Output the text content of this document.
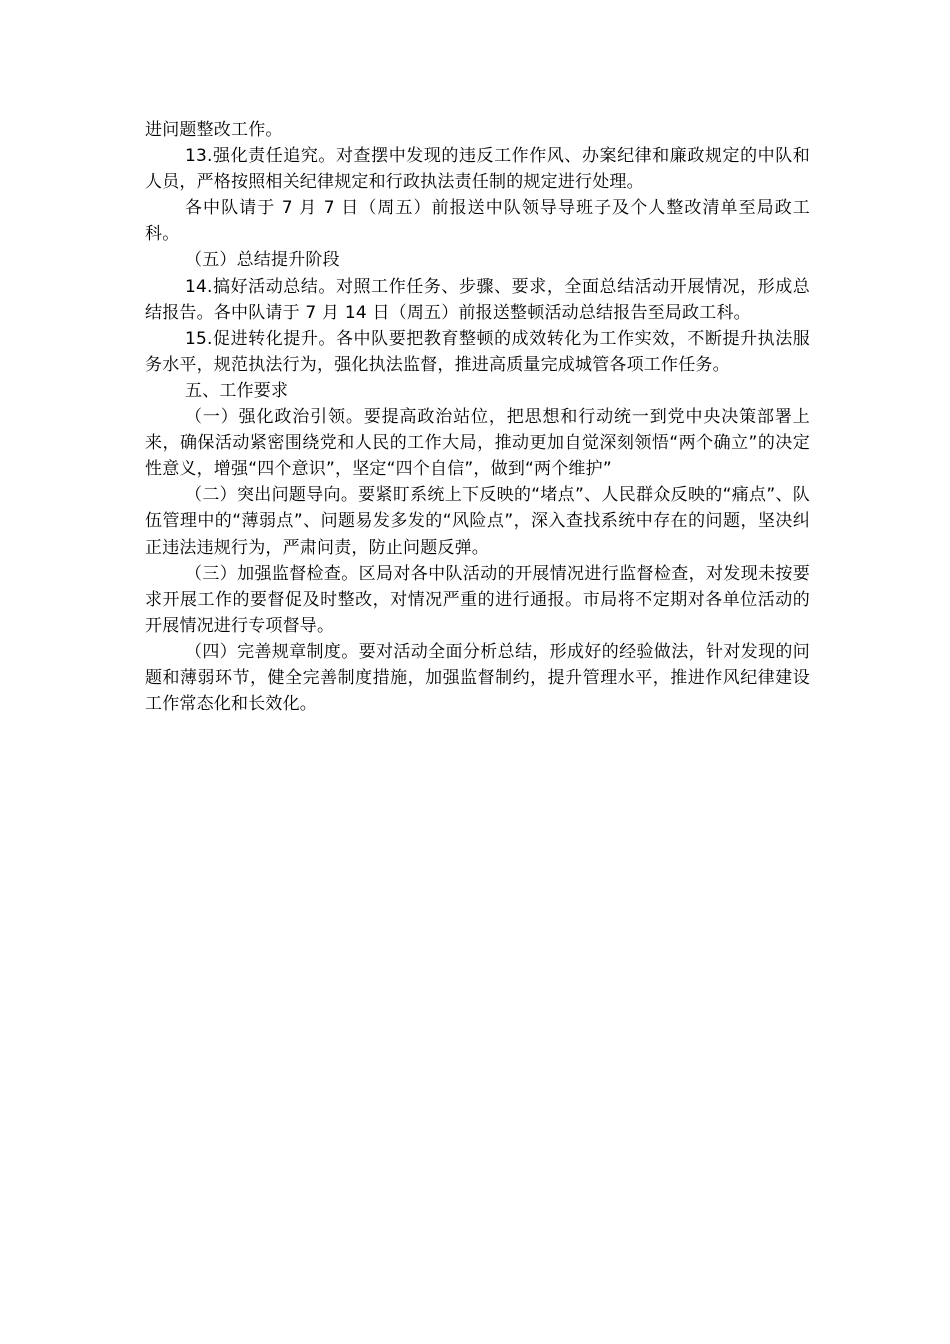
进问题整改工作。

13.强化责任追究。对查摆中发现的违反工作作风、办案纪律和廉政规定的中队和人员，严格按照相关纪律规定和行政执法责任制的规定进行处理。

各中队请于 7 月 7 日（周五）前报送中队领导导班子及个人整改清单至局政工科。

（五）总结提升阶段

14.搞好活动总结。对照工作任务、步骤、要求，全面总结活动开展情况，形成总结报告。各中队请于 7 月 14 日（周五）前报送整顿活动总结报告至局政工科。

15.促进转化提升。各中队要把教育整顿的成效转化为工作实效，不断提升执法服务水平，规范执法行为，强化执法监督，推进高质量完成城管各项工作任务。

五、工作要求

（一）强化政治引领。要提高政治站位，把思想和行动统一到党中央决策部署上来，确保活动紧密围绕党和人民的工作大局，推动更加自觉深刻领悟“两个确立”的决定性意义，增强“四个意识”，坚定“四个自信”，做到“两个维护”

（二）突出问题导向。要紧盯系统上下反映的“堵点”、人民群众反映的“痛点”、队伍管理中的“薄弱点”、问题易发多发的“风险点”，深入查找系统中存在的问题，坚决纠正违法违规行为，严肃问责，防止问题反弹。

（三）加强监督检查。区局对各中队活动的开展情况进行监督检查，对发现未按要求开展工作的要督促及时整改，对情况严重的进行通报。市局将不定期对各单位活动的开展情况进行专项督导。

（四）完善规章制度。要对活动全面分析总结，形成好的经验做法，针对发现的问题和薄弱环节，健全完善制度措施，加强监督制约，提升管理水平，推进作风纪律建设工作常态化和长效化。
